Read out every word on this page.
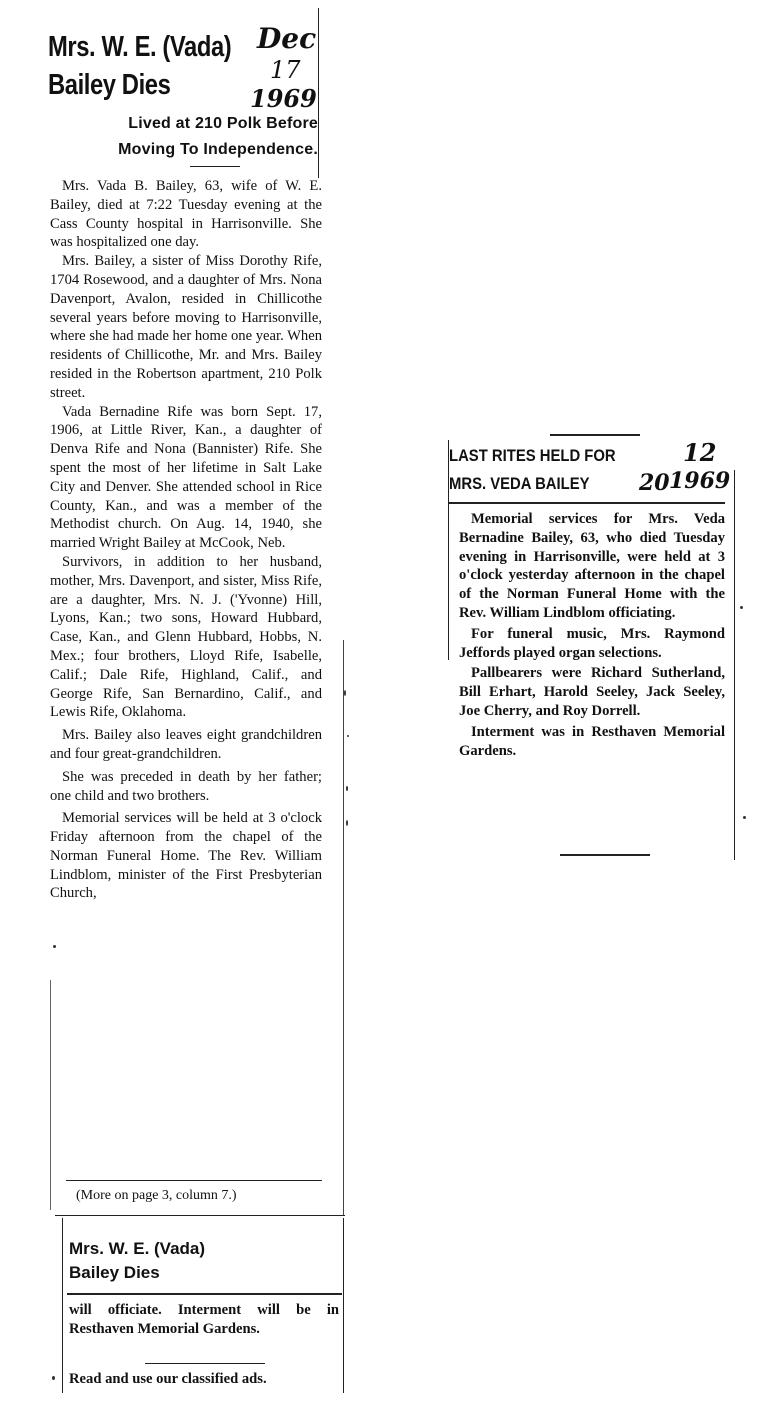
Mrs. W. E. (Vada)
Bailey Dies
Dec
17
1969
Lived at 210 Polk Before
Moving To Independence.

Mrs. Vada B. Bailey, 63, wife of W. E. Bailey, died at 7:22 Tuesday evening at the Cass County hospital in Harrisonville. She was hospitalized one day.

Mrs. Bailey, a sister of Miss Dorothy Rife, 1704 Rosewood, and a daughter of Mrs. Nona Davenport, Avalon, resided in Chillicothe several years before moving to Harrisonville, where she had made her home one year. When residents of Chillicothe, Mr. and Mrs. Bailey resided in the Robertson apartment, 210 Polk street.

Vada Bernadine Rife was born Sept. 17, 1906, at Little River, Kan., a daughter of Denva Rife and Nona (Bannister) Rife. She spent the most of her lifetime in Salt Lake City and Denver. She attended school in Rice County, Kan., and was a member of the Methodist church. On Aug. 14, 1940, she married Wright Bailey at McCook, Neb.

Survivors, in addition to her husband, mother, Mrs. Davenport, and sister, Miss Rife, are a daughter, Mrs. N. J. ('Yvonne) Hill, Lyons, Kan.; two sons, Howard Hubbard, Case, Kan., and Glenn Hubbard, Hobbs, N. Mex.; four brothers, Lloyd Rife, Isabelle, Calif.; Dale Rife, Highland, Calif., and George Rife, San Bernardino, Calif., and Lewis Rife, Oklahoma.

Mrs. Bailey also leaves eight grandchildren and four great-grandchildren.

She was preceded in death by her father; one child and two brothers.

Memorial services will be held at 3 o'clock Friday afternoon from the chapel of the Norman Funeral Home. The Rev. William Lindblom, minister of the First Presbyterian Church,

(More on page 3, column 7.)
Mrs. W. E. (Vada)
Bailey Dies
will officiate. Interment will be in Resthaven Memorial Gardens.
Read and use our classified ads.
LAST RITES HELD FOR
MRS. VEDA BAILEY
12
20 1969

Memorial services for Mrs. Veda Bernadine Bailey, 63, who died Tuesday evening in Harrisonville, were held at 3 o'clock yesterday afternoon in the chapel of the Norman Funeral Home with the Rev. William Lindblom officiating.

For funeral music, Mrs. Raymond Jeffords played organ selections.

Pallbearers were Richard Sutherland, Bill Erhart, Harold Seeley, Jack Seeley, Joe Cherry, and Roy Dorrell.

Interment was in Resthaven Memorial Gardens.
